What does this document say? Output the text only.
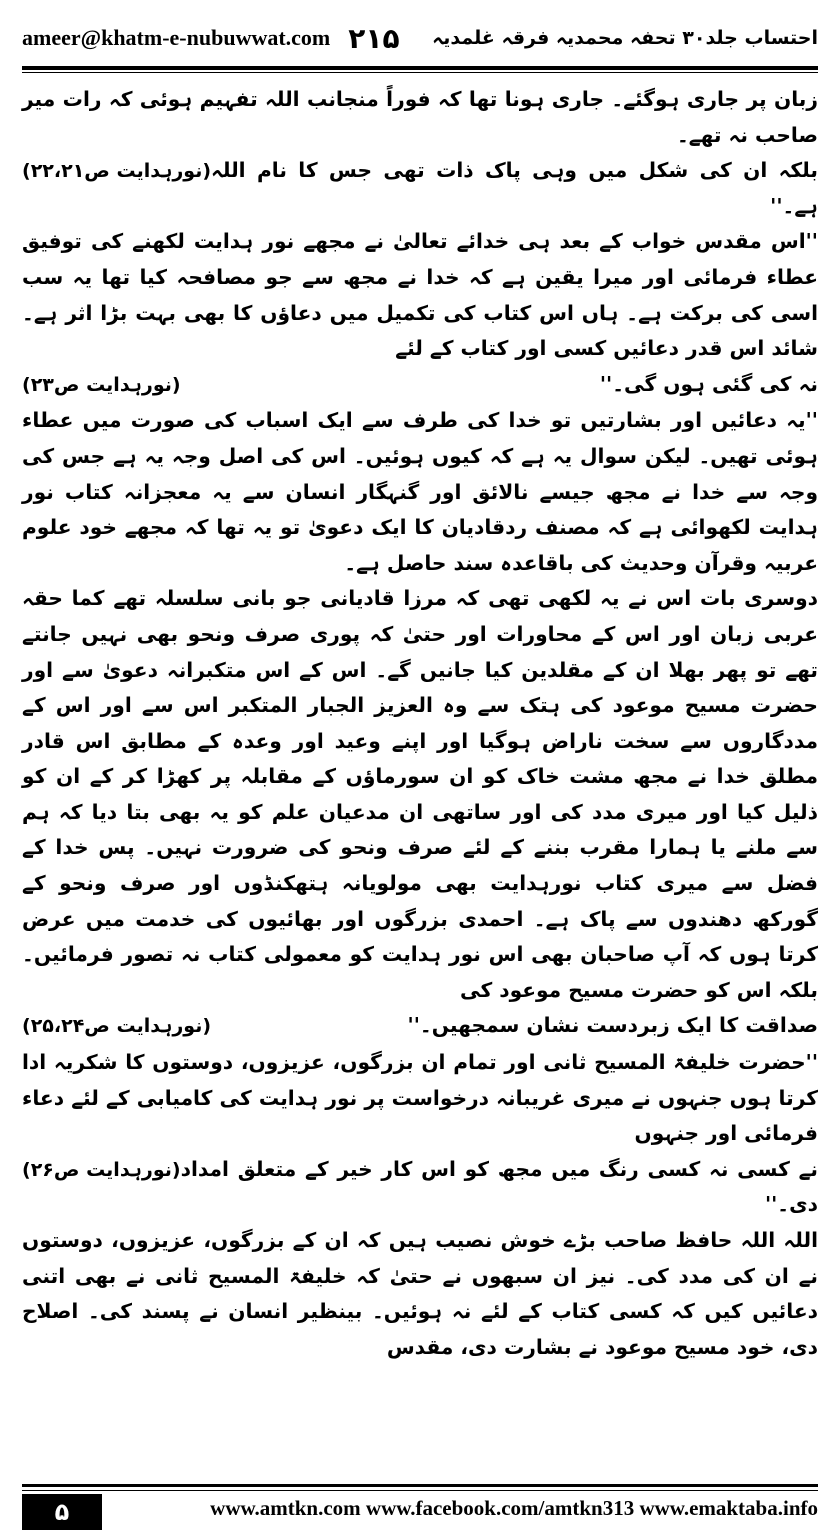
ameer@khatm-e-nubuwwat.com ۲۱۵ احتساب جلد۳۰ تحفہ محمدیہ فرقہ غلمدیہ

زبان پر جاری ہوگئے۔ جاری ہونا تھا کہ فوراً منجانب اللہ تفہیم ہوئی کہ رات میر صاحب نہ تھے۔

بلکہ ان کی شکل میں وہی پاک ذات تھی جس کا نام اللہ ہے۔''
(نورہدایت ص۲۲،۲۱)

''اس مقدس خواب کے بعد ہی خدائے تعالیٰ نے مجھے نور ہدایت لکھنے کی توفیق عطاء فرمائی اور میرا یقین ہے کہ خدا نے مجھ سے جو مصافحہ کیا تھا یہ سب اسی کی برکت ہے۔ ہاں اس کتاب کی تکمیل میں دعاؤں کا بھی بہت بڑا اثر ہے۔ شائد اس قدر دعائیں کسی اور کتاب کے لئے

نہ کی گئی ہوں گی۔''
(نورہدایت ص۲۳)

''یہ دعائیں اور بشارتیں تو خدا کی طرف سے ایک اسباب کی صورت میں عطاء ہوئی تھیں۔ لیکن سوال یہ ہے کہ کیوں ہوئیں۔ اس کی اصل وجہ یہ ہے جس کی وجہ سے خدا نے مجھ جیسے نالائق اور گنہگار انسان سے یہ معجزانہ کتاب نور ہدایت لکھوائی ہے کہ مصنف ردقادیان کا ایک دعویٰ تو یہ تھا کہ مجھے خود علوم عربیہ وقرآن وحدیث کی باقاعدہ سند حاصل ہے۔

دوسری بات اس نے یہ لکھی تھی کہ مرزا قادیانی جو بانی سلسلہ تھے کما حقہ عربی زبان اور اس کے محاورات اور حتیٰ کہ پوری صرف ونحو بھی نہیں جانتے تھے تو پھر بھلا ان کے مقلدین کیا جانیں گے۔ اس کے اس متکبرانہ دعویٰ سے اور حضرت مسیح موعود کی ہتک سے وہ العزیز الجبار المتکبر اس سے اور اس کے مددگاروں سے سخت ناراض ہوگیا اور اپنے وعید اور وعدہ کے مطابق اس قادر مطلق خدا نے مجھ مشت خاک کو ان سورماؤں کے مقابلہ پر کھڑا کر کے ان کو ذلیل کیا اور میری مدد کی اور ساتھی ان مدعیان علم کو یہ بھی بتا دیا کہ ہم سے ملنے یا ہمارا مقرب بننے کے لئے صرف ونحو کی ضرورت نہیں۔ پس خدا کے فضل سے میری کتاب نورہدایت بھی مولویانہ ہتھکنڈوں اور صرف ونحو کے گورکھ دھندوں سے پاک ہے۔ احمدی بزرگوں اور بھائیوں کی خدمت میں عرض کرتا ہوں کہ آپ صاحبان بھی اس نور ہدایت کو معمولی کتاب نہ تصور فرمائیں۔ بلکہ اس کو حضرت مسیح موعود کی

صداقت کا ایک زبردست نشان سمجھیں۔''
(نورہدایت ص۲۵،۲۴)

''حضرت خلیفۃ المسیح ثانی اور تمام ان بزرگوں، عزیزوں، دوستوں کا شکریہ ادا کرتا ہوں جنہوں نے میری غریبانہ درخواست پر نور ہدایت کی کامیابی کے لئے دعاء فرمائی اور جنہوں

نے کسی نہ کسی رنگ میں مجھ کو اس کار خیر کے متعلق امداد دی۔''
(نورہدایت ص۲۶)

اللہ اللہ حافظ صاحب بڑے خوش نصیب ہیں کہ ان کے بزرگوں، عزیزوں، دوستوں نے ان کی مدد کی۔ نیز ان سبھوں نے حتیٰ کہ خلیفۃ المسیح ثانی نے بھی اتنی دعائیں کیں کہ کسی کتاب کے لئے نہ ہوئیں۔ بینظیر انسان نے پسند کی۔ اصلاح دی، خود مسیح موعود نے بشارت دی، مقدس

۵	www.amtkn.com www.facebook.com/amtkn313 www.emaktaba.info
